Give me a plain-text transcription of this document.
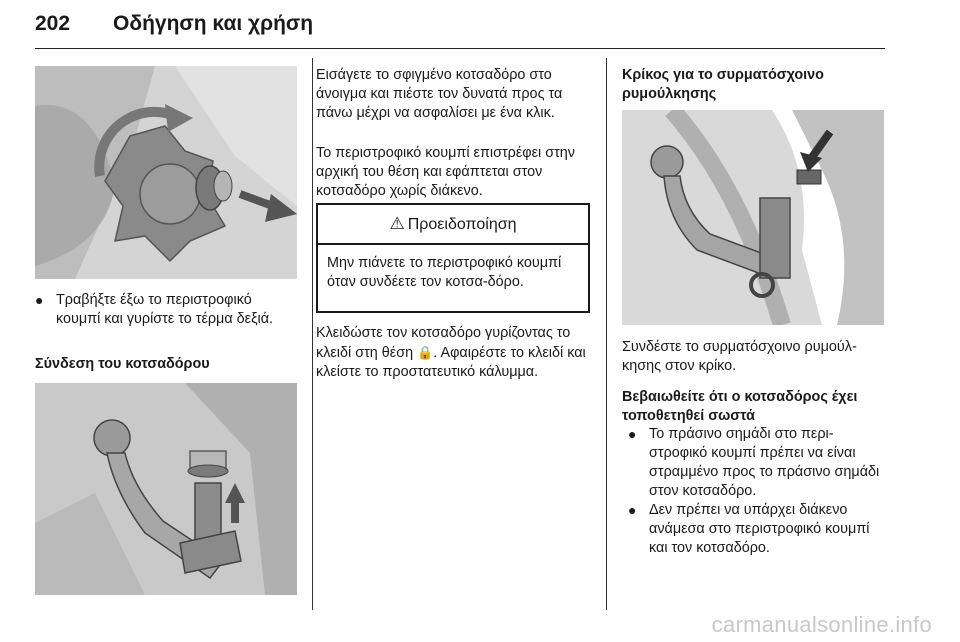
202 Οδήγηση και χρήση
● Τραβήξτε έξω το περιστροφικό κουμπί και γυρίστε το τέρμα δεξιά.

Σύνδεση του κοτσαδόρου

Εισάγετε το σφιγμένο κοτσαδόρο στο άνοιγμα και πιέστε τον δυνατά προς τα πάνω μέχρι να ασφαλίσει με ένα κλικ.

Το περιστροφικό κουμπί επιστρέφει στην αρχική του θέση και εφάπτεται στον κοτσαδόρο χωρίς διάκενο.

⚠ Προειδοποίηση
Μην πιάνετε το περιστροφικό κουμπί όταν συνδέετε τον κοτσα-δόρο.

Κλειδώστε τον κοτσαδόρο γυρίζοντας το κλειδί στη θέση 🔒. Αφαιρέστε το κλειδί και κλείστε το προστατευτικό κάλυμμα.

Κρίκος για το συρματόσχοινο ρυμούλκησης

Συνδέστε το συρματόσχοινο ρυμούλ-κησης στον κρίκο.

Βεβαιωθείτε ότι ο κοτσαδόρος έχει τοποθετηθεί σωστά

● Το πράσινο σημάδι στο περι-στροφικό κουμπί πρέπει να είναι στραμμένο προς το πράσινο σημάδι στον κοτσαδόρο.
● Δεν πρέπει να υπάρχει διάκενο ανάμεσα στο περιστροφικό κουμπί και τον κοτσαδόρο.
carmanualsonline.info
